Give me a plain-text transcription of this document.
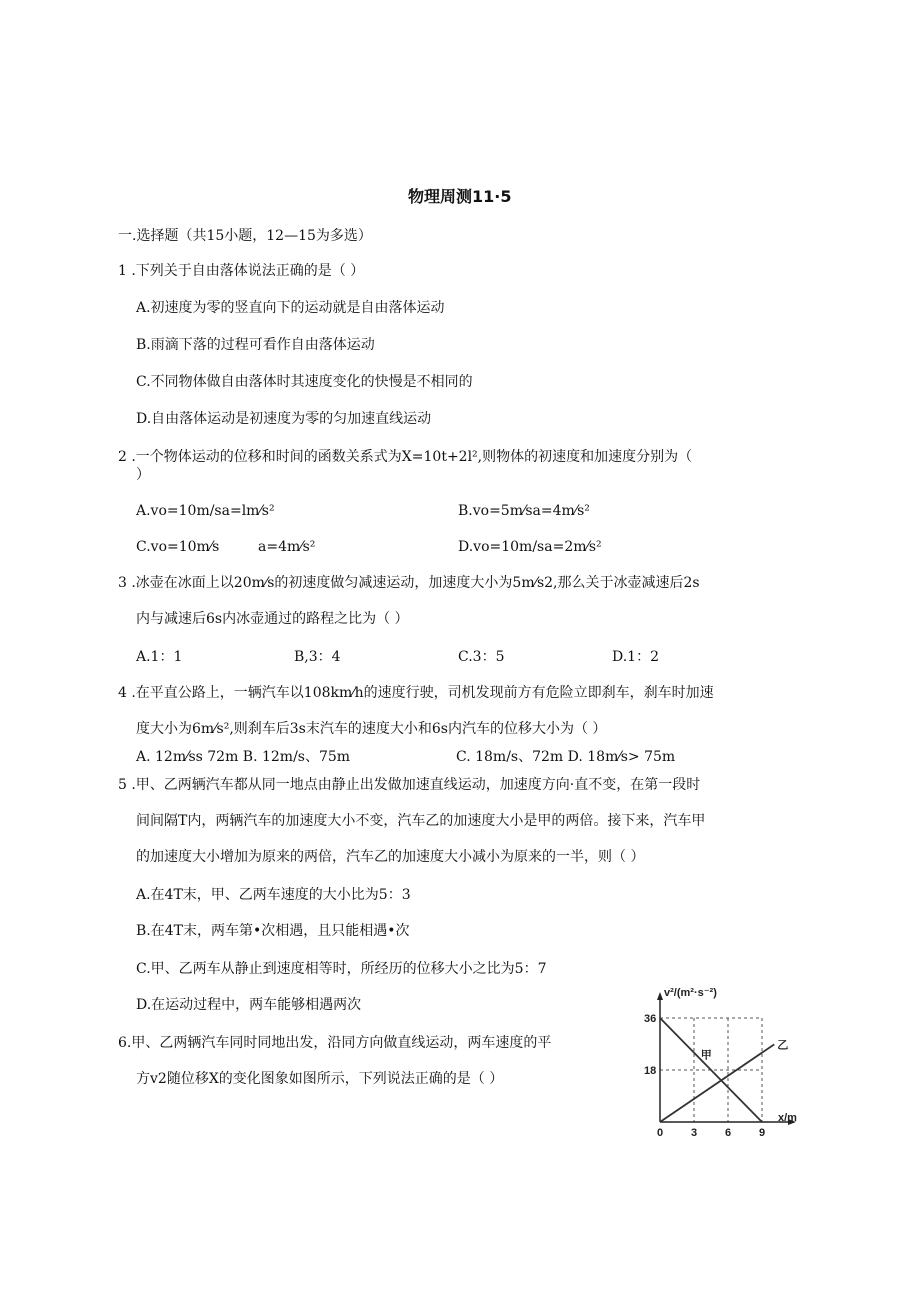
物理周测11·5
一.选择题（共15小题，12—15为多选）
1 .下列关于自由落体说法正确的是（ ）
A.初速度为零的竖直向下的运动就是自由落体运动
B.雨滴下落的过程可看作自由落体运动
C.不同物体做自由落体时其速度变化的快慢是不相同的
D.自由落体运动是初速度为零的匀加速直线运动
2 .一个物体运动的位移和时间的函数关系式为X=10t+2l²,则物体的初速度和加速度分别为（
）
A.vo=10m/sa=lm⁄s²	B.vo=5m⁄sa=4m⁄s²
C.vo=10m⁄s	a=4m⁄s²	D.vo=10m/sa=2m⁄s²
3 .冰壶在冰面上以20m⁄s的初速度做匀减速运动，加速度大小为5m⁄s2,那么关于冰壶减速后2s
内与减速后6s内冰壶通过的路程之比为（ ）
A.1：1	B,3：4	C.3：5	D.1：2
4 .在平直公路上，一辆汽车以108km⁄h的速度行驶，司机发现前方有危险立即刹车，刹车时加速
度大小为6m⁄s²,则刹车后3s末汽车的速度大小和6s内汽车的位移大小为（ ）
A. 12m⁄ss 72m B. 12m/s、75m	C. 18m/s、72m D. 18m⁄s> 75m
5 .甲、乙两辆汽车都从同一地点由静止出发做加速直线运动，加速度方向·直不变，在第一段时
间间隔T内，两辆汽车的加速度大小不变，汽车乙的加速度大小是甲的两倍。接下来，汽车甲
的加速度大小增加为原来的两倍，汽车乙的加速度大小减小为原来的一半，则（ ）
A.在4T末，甲、乙两车速度的大小比为5：3
B.在4T末，两车第•次相遇，且只能相遇•次
C.甲、乙两车从静止到速度相等时，所经历的位移大小之比为5：7
D.在运动过程中，两车能够相遇两次
6.甲、乙两辆汽车同时同地出发，沿同方向做直线运动，两车速度的平
方v2随位移X的变化图象如图所示，下列说法正确的是（ ）
v²/(m²·s⁻²)
x/m
甲
乙
0	3	6	9
18
36
